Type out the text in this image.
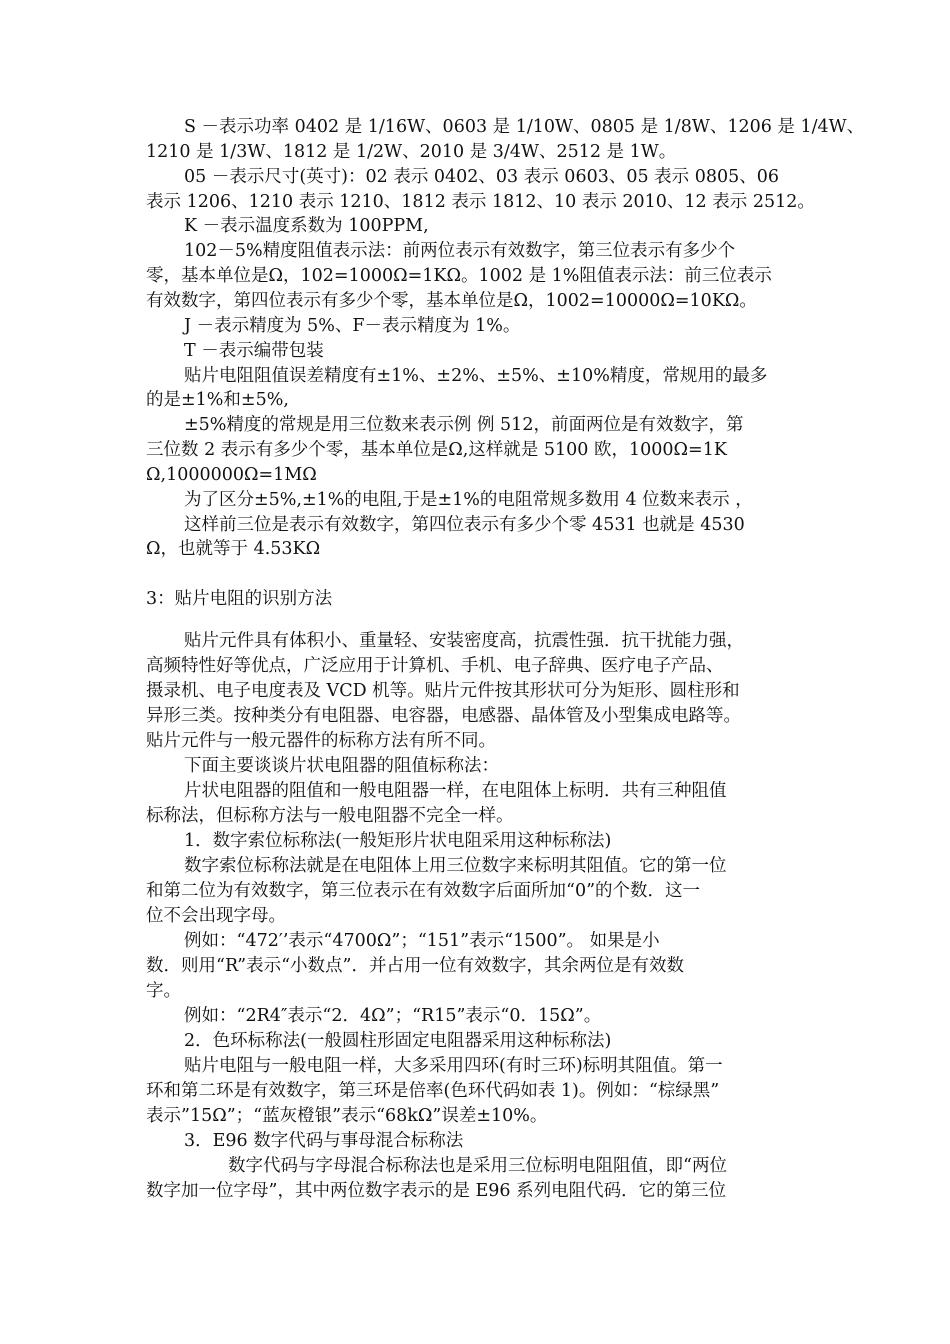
S －表示功率 0402 是 1/16W、0603 是 1/10W、0805 是 1/8W、1206 是 1/4W、
1210 是 1/3W、1812 是 1/2W、2010 是 3/4W、2512 是 1W。
05 －表示尺寸(英寸)：02 表示 0402、03 表示 0603、05 表示 0805、06
表示 1206、1210 表示 1210、1812 表示 1812、10 表示 2010、12 表示 2512。
K －表示温度系数为 100PPM,
102－5%精度阻值表示法：前两位表示有效数字，第三位表示有多少个
零，基本单位是Ω，102=1000Ω=1KΩ。1002 是 1%阻值表示法：前三位表示
有效数字，第四位表示有多少个零，基本单位是Ω，1002=10000Ω=10KΩ。
J －表示精度为 5%、F－表示精度为 1%。
T －表示编带包装
贴片电阻阻值误差精度有±1%、±2%、±5%、±10%精度，常规用的最多
的是±1%和±5%,
±5%精度的常规是用三位数来表示例 例 512，前面两位是有效数字，第
三位数 2 表示有多少个零，基本单位是Ω,这样就是 5100 欧，1000Ω=1K
Ω,1000000Ω=1MΩ
为了区分±5%,±1%的电阻,于是±1%的电阻常规多数用 4 位数来表示 ，
这样前三位是表示有效数字，第四位表示有多少个零 4531 也就是 4530
Ω，也就等于 4.53KΩ
3：贴片电阻的识别方法
贴片元件具有体积小、重量轻、安装密度高，抗震性强．抗干扰能力强，
高频特性好等优点，广泛应用于计算机、手机、电子辞典、医疗电子产品、
摄录机、电子电度表及 VCD 机等。贴片元件按其形状可分为矩形、圆柱形和
异形三类。按种类分有电阻器、电容器，电感器、晶体管及小型集成电路等。
贴片元件与一般元器件的标称方法有所不同。
下面主要谈谈片状电阻器的阻值标称法：
片状电阻器的阻值和一般电阻器一样，在电阻体上标明．共有三种阻值
标称法，但标称方法与一般电阻器不完全一样。
1．数字索位标称法(一般矩形片状电阻采用这种标称法)
数字索位标称法就是在电阻体上用三位数字来标明其阻值。它的第一位
和第二位为有效数字，第三位表示在有效数字后面所加“0”的个数．这一
位不会出现字母。
例如：“472′’表示“4700Ω”；“151”表示“1500”。 如果是小
数．则用“R”表示“小数点”．并占用一位有效数字，其余两位是有效数
字。
例如：“2R4″表示“2．4Ω”；“R15”表示“0．15Ω”。
2．色环标称法(一般圆柱形固定电阻器采用这种标称法)
贴片电阻与一般电阻一样，大多采用四环(有时三环)标明其阻值。第一
环和第二环是有效数字，第三环是倍率(色环代码如表 1)。例如：“棕绿黑”
表示”15Ω”；“蓝灰橙银”表示“68kΩ”误差±10%。
3．E96 数字代码与事母混合标称法
数字代码与字母混合标称法也是采用三位标明电阻阻值，即“两位
数字加一位字母”，其中两位数字表示的是 E96 系列电阻代码．它的第三位
